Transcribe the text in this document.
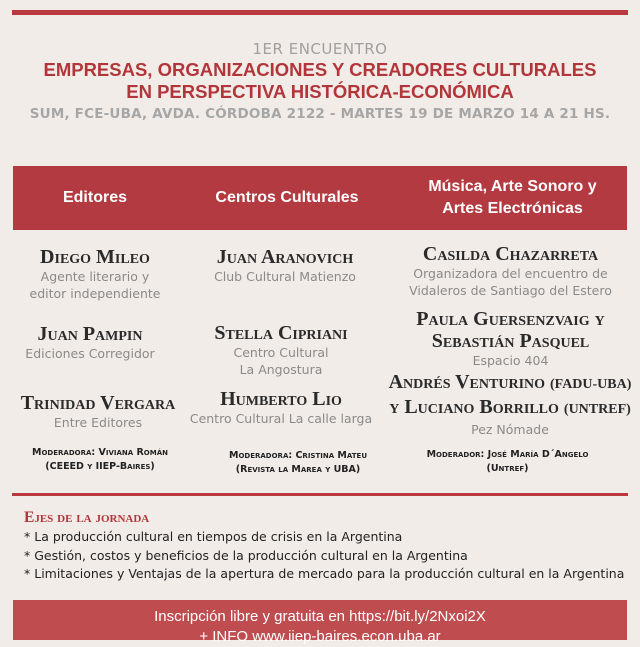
1ER ENCUENTRO
EMPRESAS, ORGANIZACIONES Y CREADORES CULTURALES
EN PERSPECTIVA HISTÓRICA-ECONÓMICA
SUM, FCE-UBA, AVDA. CÓRDOBA 2122 - MARTES 19 DE MARZO 14 A 21 HS.
Editores	Centros Culturales
Música, Arte Sonoro y
Artes Electrónicas
Diego Mileo
Agente literario y
editor independiente
Juan Pampin
Ediciones Corregidor
Trinidad Vergara
Entre Editores
Moderadora: Viviana Román
(CEEED y IIEP-Baires)
Juan Aranovich
Club Cultural Matienzo
Stella Cipriani
Centro Cultural
La Angostura
Humberto Lio
Centro Cultural La calle larga
Moderadora: Cristina Mateu
(Revista la Marea y UBA)
Casilda Chazarreta
Organizadora del encuentro de
Vidaleros de Santiago del Estero
Paula Guersenzvaig y
Sebastián Pasquel
Espacio 404
Andrés Venturino (FADU-UBA)
y Luciano Borrillo (UNTREF)
Pez Nómade
Moderador: José María D´Angelo
(Untref)
Ejes de la jornada
* La producción cultural en tiempos de crisis en la Argentina
* Gestión, costos y beneficios de la producción cultural en la Argentina
* Limitaciones y Ventajas de la apertura de mercado para la producción cultural en la Argentina
Inscripción libre y gratuita en https://bit.ly/2Nxoi2X
+ INFO www.iiep-baires.econ.uba.ar
